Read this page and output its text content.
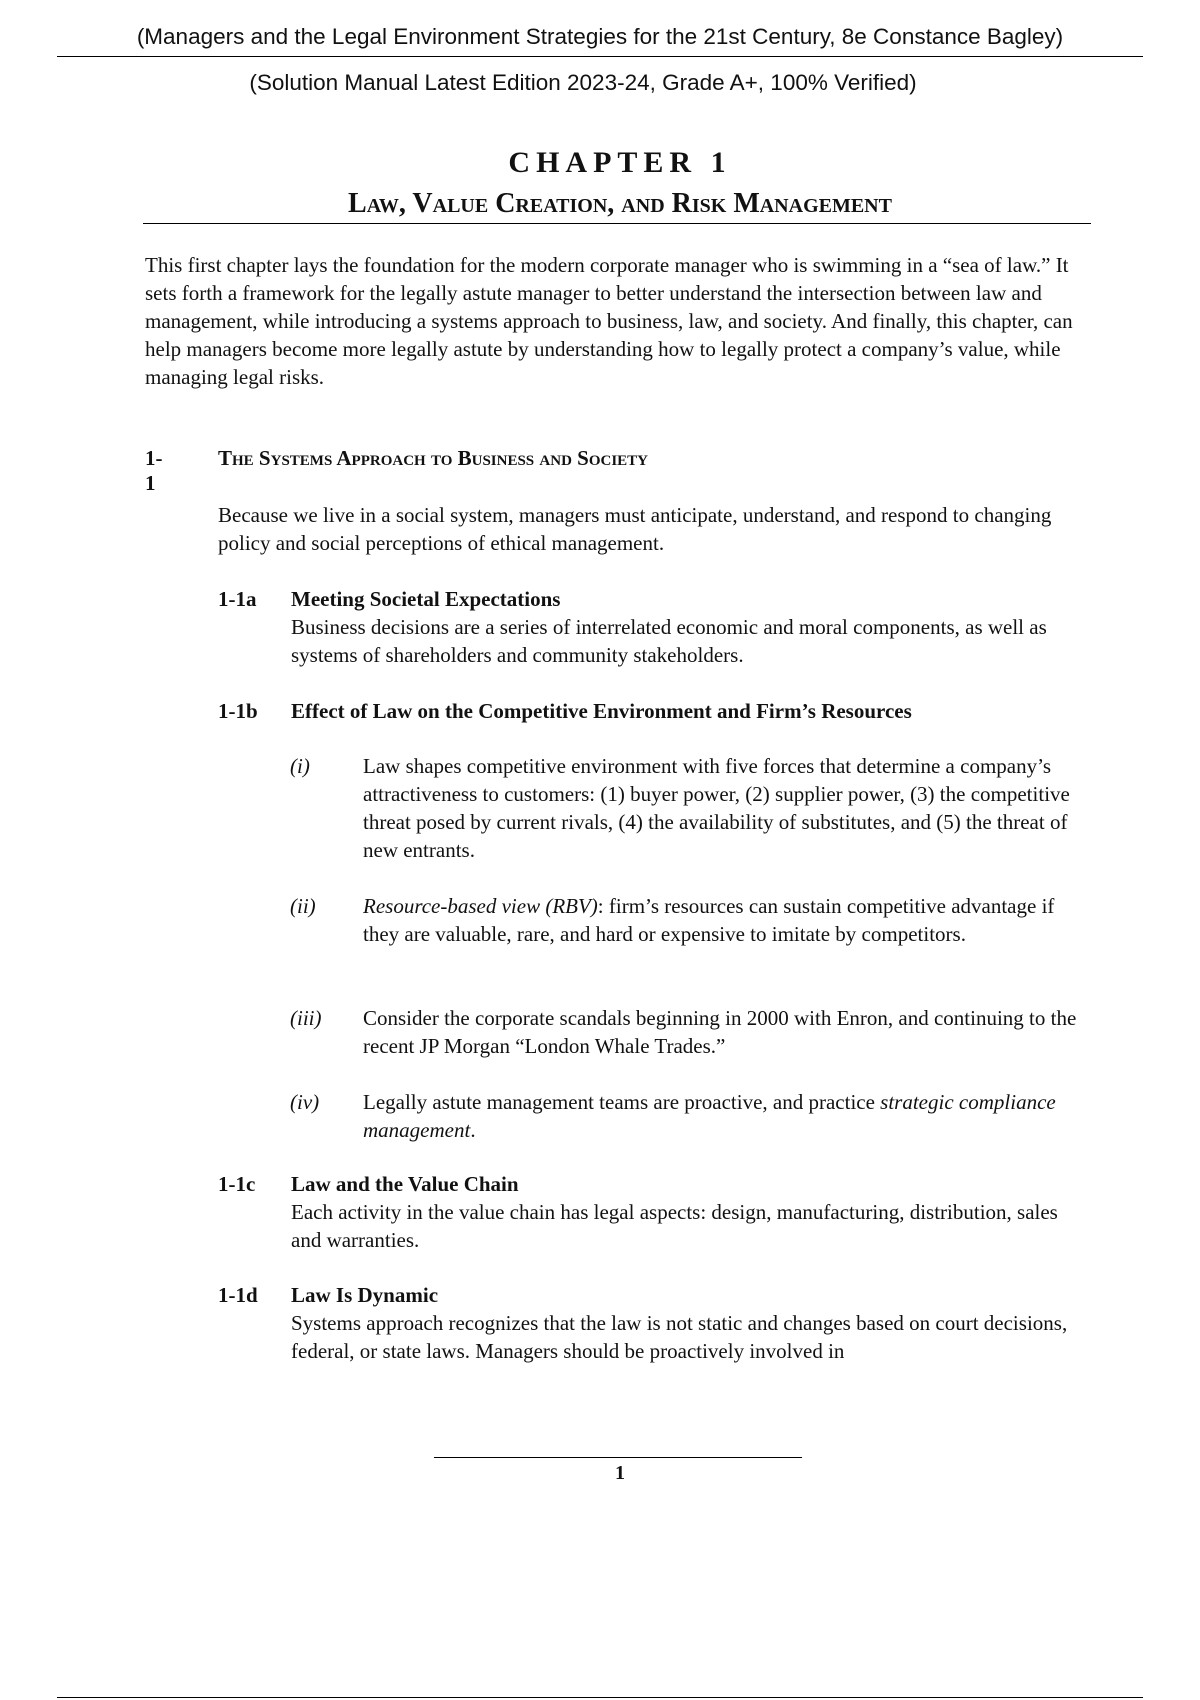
(Managers and the Legal Environment Strategies for the 21st Century, 8e Constance Bagley)
(Solution Manual Latest Edition 2023-24, Grade A+, 100% Verified)
CHAPTER 1
Law, Value Creation, and Risk Management

This first chapter lays the foundation for the modern corporate manager who is swimming in a “sea of law.” It sets forth a framework for the legally astute manager to better understand the intersection between law and management, while introducing a systems approach to business, law, and society. And finally, this chapter, can help managers become more legally astute by understanding how to legally protect a company’s value, while managing legal risks.

1-1
The Systems Approach to Business and Society

Because we live in a social system, managers must anticipate, understand, and respond to changing policy and social perceptions of ethical management.

1-1a Meeting Societal Expectations

Business decisions are a series of interrelated economic and moral components, as well as systems of shareholders and community stakeholders.

1-1b Effect of Law on the Competitive Environment and Firm’s Resources
(i)	Law shapes competitive environment with five forces that determine a company’s attractiveness to customers: (1) buyer power, (2) supplier power, (3) the competitive threat posed by current rivals, (4) the availability of substitutes, and (5) the threat of new entrants.

(ii) Resource-based view (RBV): firm’s resources can sustain competitive advantage if they are valuable, rare, and hard or expensive to imitate by competitors.

(iii) Consider the corporate scandals beginning in 2000 with Enron, and continuing to the recent JP Morgan “London Whale Trades.”

(iv) Legally astute management teams are proactive, and practice strategic compliance management.

1-1c Law and the Value Chain

Each activity in the value chain has legal aspects: design, manufacturing, distribution, sales and warranties.

1-1d Law Is Dynamic

Systems approach recognizes that the law is not static and changes based on court decisions, federal, or state laws. Managers should be proactively involved in

1
